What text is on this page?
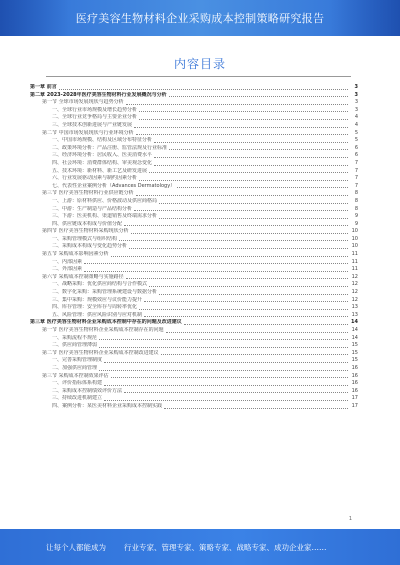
医疗美容生物材料企业采购成本控制策略研究报告
内容目录
第一章 前言	3
第二章 2023-2028年医疗美容生物材料行业发展概况与分析	3
第一节 全球市场发展现状与趋势分析	3
一、全球行业市场规模及增长趋势分析	3
二、全球行业竞争格局与主要企业分析	4
三、全球技术创新进展与产业链发展	4
第二节 中国市场发展现状与行业环境分析	5
一、中国市场规模、结构及区域分布特征分析	5
二、政策环境分析：产品注册、监管法规及行业标准	6
三、经济环境分析：居民收入、医美消费水平	6
四、社会环境：消费群体结构、审美观念变化	7
五、技术环境：新材料、新工艺及研发进展	7
六、行业发展驱动因素与制约因素分析	7
七、代表性企业案例分析（Advances Dermatology）	7
第三节 医疗美容生物材料行业供应链分析	8
一、上游：原材料供应、价格波动及供应商格局	8
二、中游：生产制造与产品结构分析	8
三、下游：医美机构、渠道销售及终端需求分析	9
四、供应链成本构成与价值分配	9
第四节 医疗美容生物材料采购现状分析	10
一、采购管理模式与组织结构	10
二、采购成本构成与变化趋势分析	10
第五节 采购成本影响因素分析	11
一、内部因素	11
二、外部因素	11
第六节 采购成本控制策略与实施路径	12
一、战略采购：优化供应商结构与合作模式	12
二、数字化采购：采购管理系统建设与数据分析	12
三、集中采购：规模效应与议价能力提升	12
四、库存管理：安全库存与周转率优化	13
五、风险管理：供应风险识别与应对机制	13
第三章 医疗美容生物材料企业采购成本控制中存在的问题及改进建议	14
第一节 医疗美容生物材料企业采购成本控制存在的问题	14
一、采购流程不规范	14
二、供应商管理薄弱	15
第二节 医疗美容生物材料企业采购成本控制改进建议	15
一、完善采购管理制度	15
二、加强供应商管理	16
第三节 采购成本控制效果评估	16
一、评价指标体系构建	16
二、采购成本控制绩效评价方法	16
三、持续改进机制建立	17
四、案例分析：某医美材料企业采购成本控制实践	17
1
让每个人都能成为 行业专家、管理专家、策略专家、战略专家、成功企业家……
